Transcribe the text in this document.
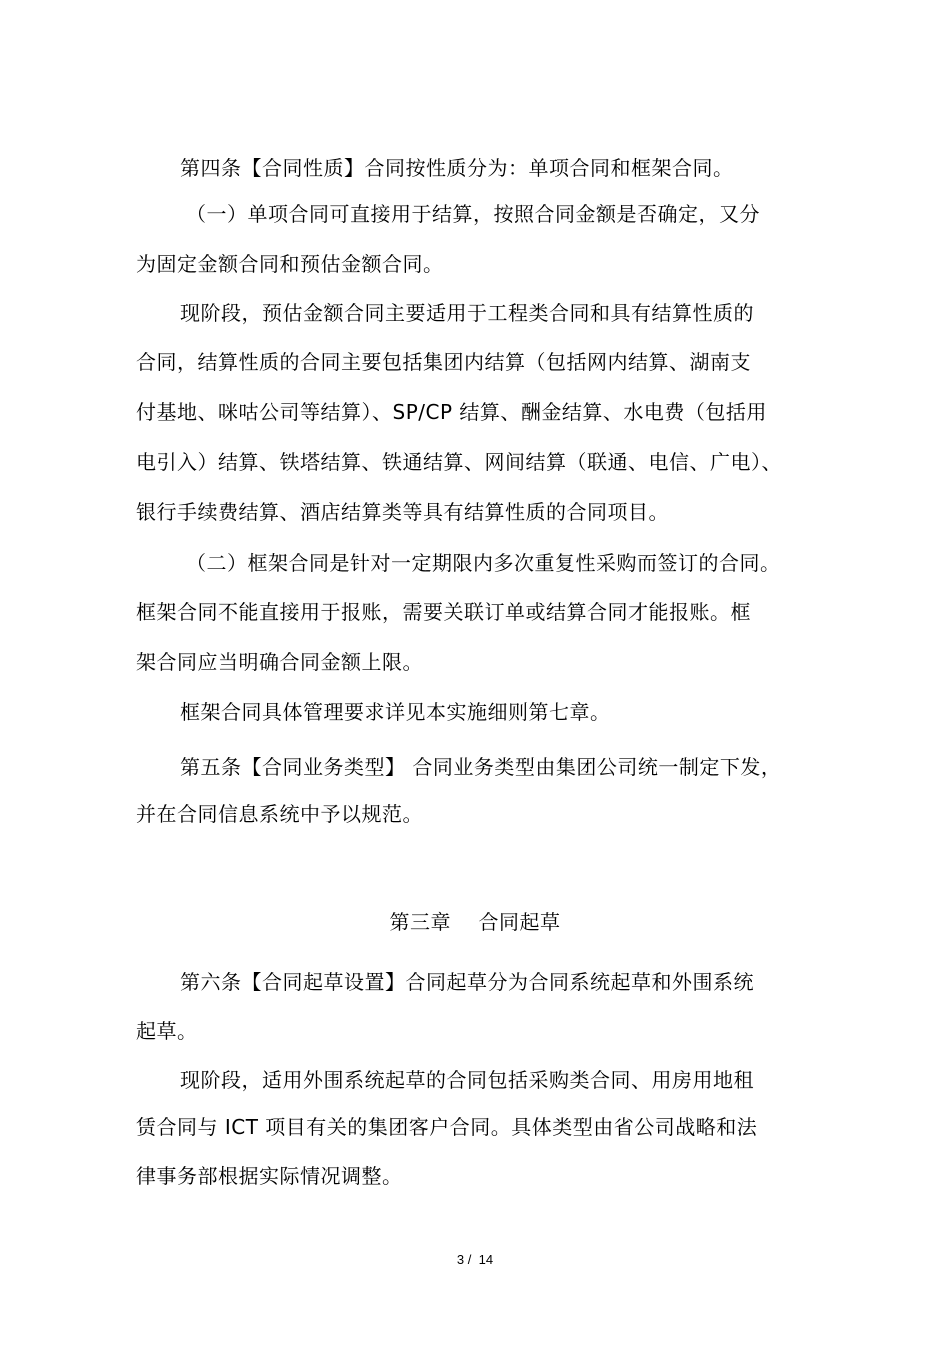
第四条【合同性质】合同按性质分为：单项合同和框架合同。
（一）单项合同可直接用于结算，按照合同金额是否确定，又分
为固定金额合同和预估金额合同。
现阶段，预估金额合同主要适用于工程类合同和具有结算性质的
合同，结算性质的合同主要包括集团内结算（包括网内结算、湖南支
付基地、咪咕公司等结算）、SP/CP 结算、酬金结算、水电费（包括用
电引入）结算、铁塔结算、铁通结算、网间结算（联通、电信、广电）、
银行手续费结算、酒店结算类等具有结算性质的合同项目。
（二）框架合同是针对一定期限内多次重复性采购而签订的合同。
框架合同不能直接用于报账，需要关联订单或结算合同才能报账。框
架合同应当明确合同金额上限。
框架合同具体管理要求详见本实施细则第七章。
第五条【合同业务类型】 合同业务类型由集团公司统一制定下发，
并在合同信息系统中予以规范。
第三章    合同起草
第六条【合同起草设置】合同起草分为合同系统起草和外围系统
起草。
现阶段，适用外围系统起草的合同包括采购类合同、用房用地租
赁合同与 ICT 项目有关的集团客户合同。具体类型由省公司战略和法
律事务部根据实际情况调整。
3 /  14
